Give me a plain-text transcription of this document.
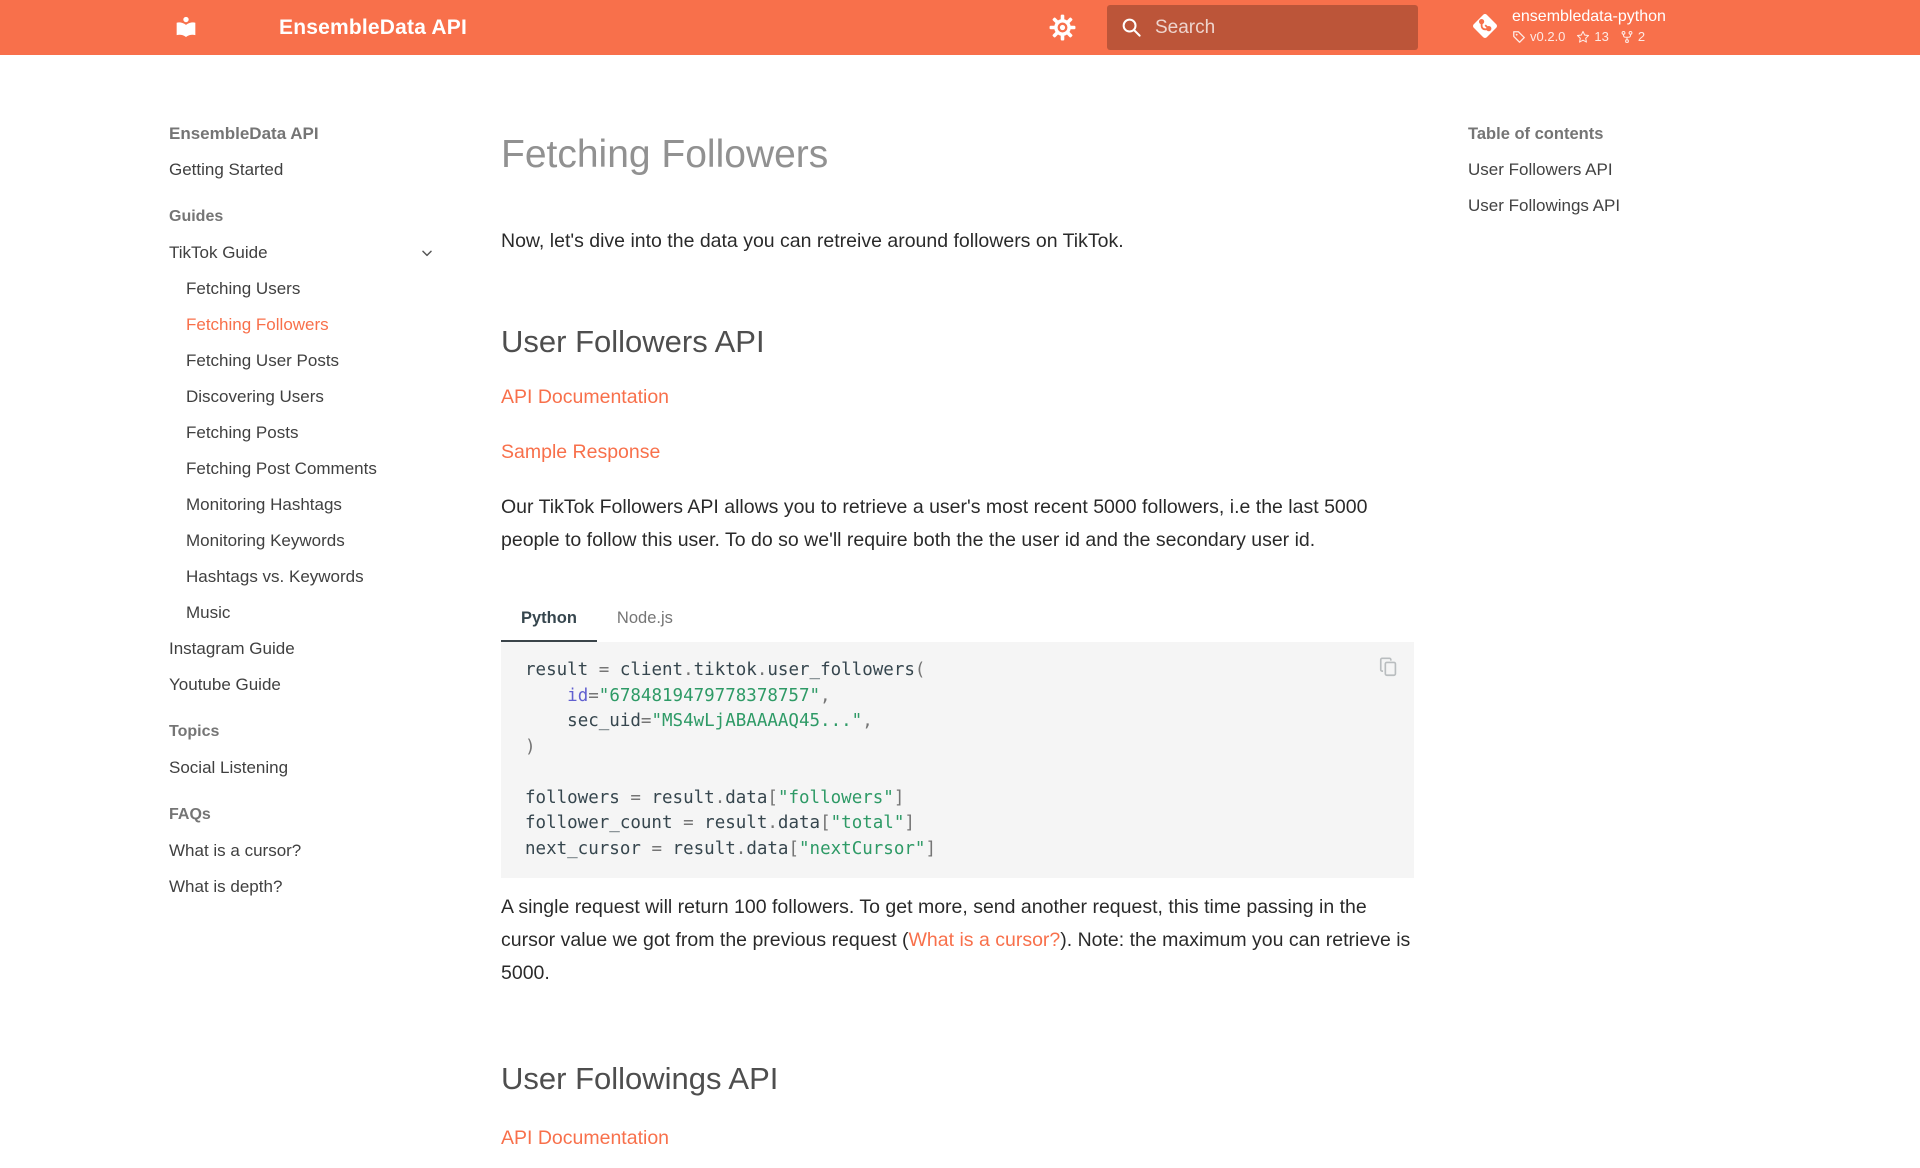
EnsembleData API
Search	ensembledata-python
v0.2.0 13 2
EnsembleData API
Getting Started
Guides
TikTok Guide
Fetching Users
Fetching Followers
Fetching User Posts
Discovering Users
Fetching Posts
Fetching Post Comments
Monitoring Hashtags
Monitoring Keywords
Hashtags vs. Keywords
Music
Instagram Guide
Youtube Guide
Topics
Social Listening
FAQs
What is a cursor?
What is depth?
Fetching Followers

Now, let's dive into the data you can retreive around followers on TikTok.

User Followers API

API Documentation

Sample Response

Our TikTok Followers API allows you to retrieve a user's most recent 5000 followers, i.e the last 5000 people to follow this user. To do so we'll require both the the user id and the secondary user id.

Python	Node.js
result = client.tiktok.user_followers(
id="6784819479778378757",
sec_uid="MS4wLjABAAAAQ45...",
)

followers = result.data["followers"]
follower_count = result.data["total"]
next_cursor = result.data["nextCursor"]

A single request will return 100 followers. To get more, send another request, this time passing in the cursor value we got from the previous request (What is a cursor?). Note: the maximum you can retrieve is 5000.

User Followings API

API Documentation

Table of contents
User Followers API
User Followings API
